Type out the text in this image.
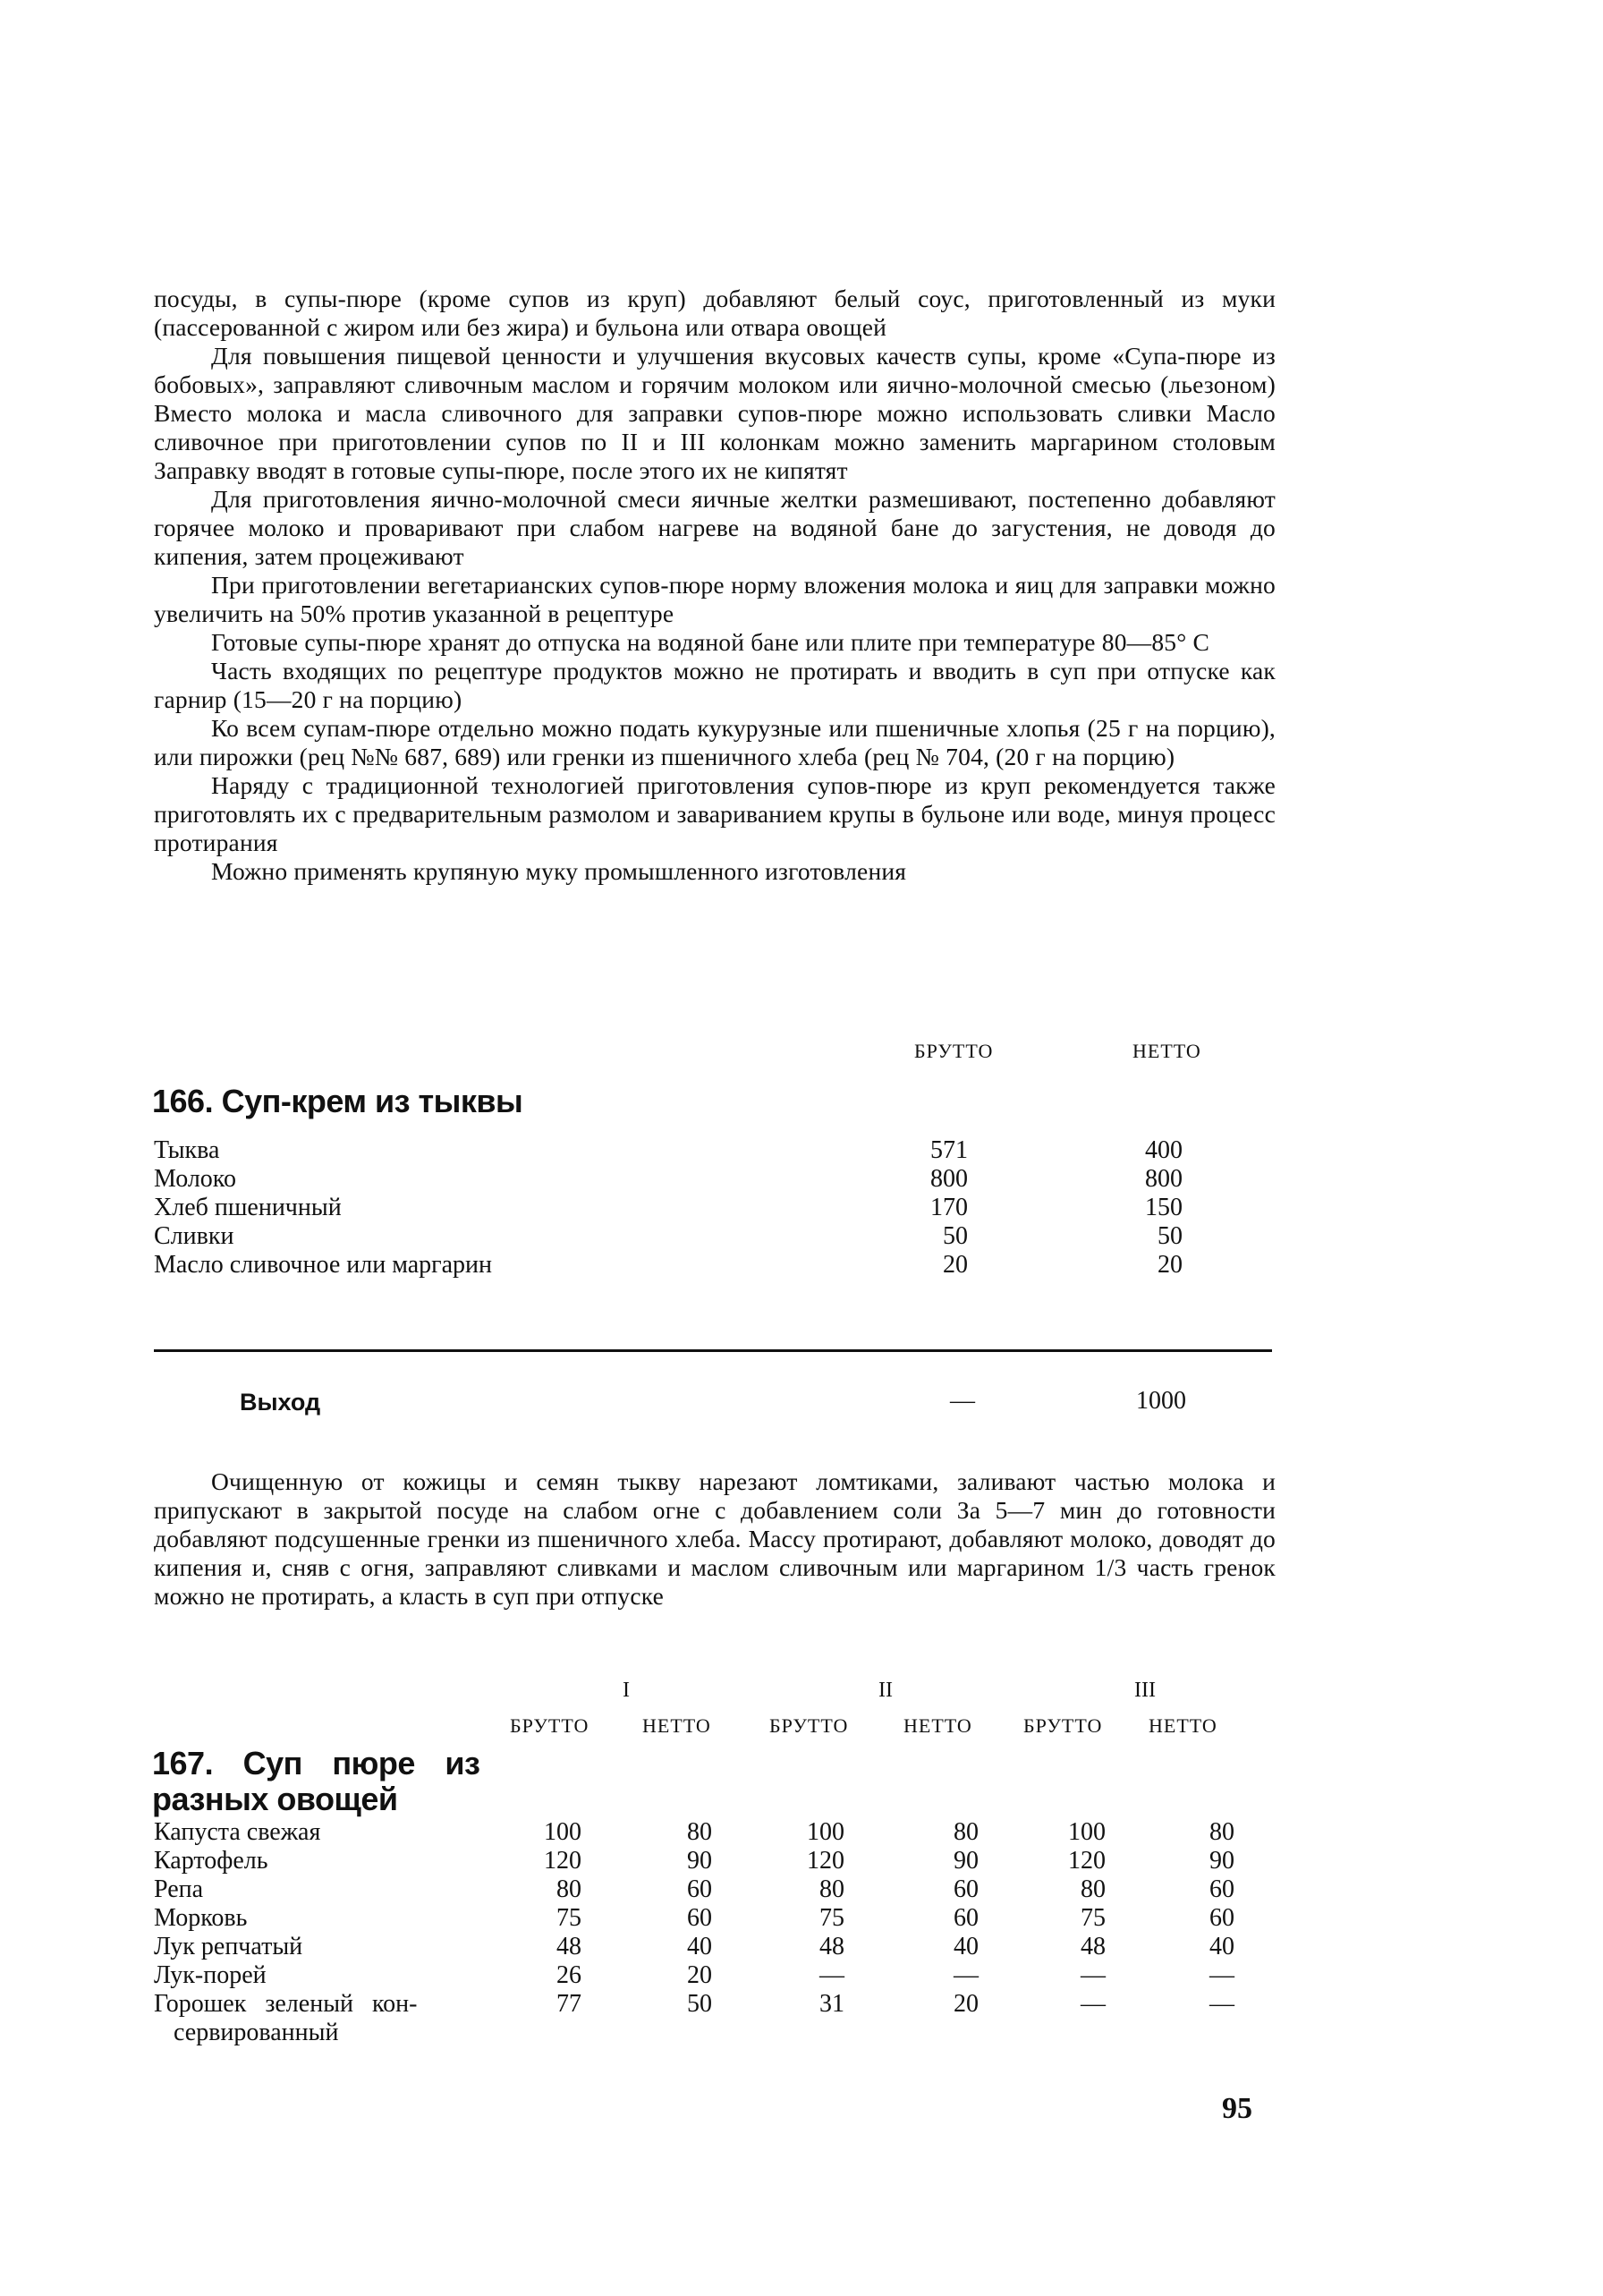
посуды, в супы-пюре (кроме супов из круп) добавляют белый соус, приготовленный из муки (пассерованной с жиром или без жира) и бульона или отвара овощей

Для повышения пищевой ценности и улучшения вкусовых качеств супы, кроме «Супа-пюре из бобовых», заправляют сливочным маслом и горячим молоком или яично-молочной смесью (льезоном) Вместо молока и масла сливочного для заправки супов-пюре можно использовать сливки Масло сливочное при приготовлении супов по II и III колонкам можно заменить маргарином столовым Заправку вводят в готовые супы-пюре, после этого их не кипятят

Для приготовления яично-молочной смеси яичные желтки размешивают, постепенно добавляют горячее молоко и проваривают при слабом нагреве на водяной бане до загустения, не доводя до кипения, затем процеживают

При приготовлении вегетарианских супов-пюре норму вложения молока и яиц для заправки можно увеличить на 50% против указанной в рецептуре

Готовые супы-пюре хранят до отпуска на водяной бане или плите при температуре 80—85° С

Часть входящих по рецептуре продуктов можно не протирать и вводить в суп при отпуске как гарнир (15—20 г на порцию)

Ко всем супам-пюре отдельно можно подать кукурузные или пшеничные хлопья (25 г на порцию), или пирожки (рец №№ 687, 689) или гренки из пшеничного хлеба (рец № 704, (20 г на порцию)

Наряду с традиционной технологией приготовления супов-пюре из круп рекомендуется также приготовлять их с предварительным размолом и завариванием крупы в бульоне или воде, минуя процесс протирания

Можно применять крупяную муку промышленного изготовления

БРУТТО	НЕТТО
166. Суп-крем из тыквы
Тыква	571	400
Молоко	800	800
Хлеб пшеничный	170	150
Сливки	50	50
Масло сливочное или маргарин	20	20
Выход	—	1000

Очищенную от кожицы и семян тыкву нарезают ломтиками, заливают частью молока и припускают в закрытой посуде на слабом огне с добавлением соли За 5—7 мин до готовности добавляют подсушенные гренки из пшеничного хлеба. Массу протирают, добавляют молоко, доводят до кипения и, сняв с огня, заправляют сливками и маслом сливочным или маргарином 1/3 часть гренок можно не протирать, а класть в суп при отпуске

I	II	III
БРУТТО	НЕТТО	БРУТТО	НЕТТО	БРУТТО НЕТТО
167. Суп пюре из
разных овощей
Капуста свежая	100	80	100	80	100	80
Картофель	120	90	120	90	120	90
Репа	80	60	80	60	80	60
Морковь	75	60	75	60	75	60
Лук репчатый	48	40	48	40	48	40
Лук-порей	26	20	—	—	—	—
Горошек зеленый кон-	77	50	31	20	—	—
сервированный
95
